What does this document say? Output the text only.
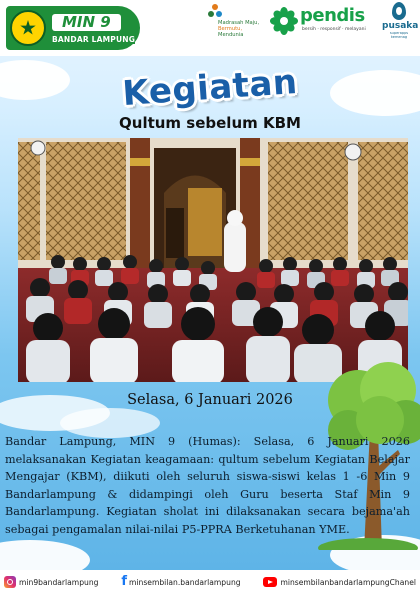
MIN 9
BANDAR LAMPUNG
Madrasah Maju,
Bermutu,
Mendunia
pendis
bersih · responsif · melayani pusaka
superapps kemenag
Kegiatan
Qultum sebelum KBM
Selasa, 6 Januari 2026

Bandar Lampung, MIN 9 (Humas): Selasa, 6 Januari 2026 melaksanakan Kegiatan keagamaan: qultum sebelum Kegiatan Belajar Mengajar (KBM), diikuti oleh seluruh siswa-siswi kelas 1 -6 Min 9 Bandarlampung & didampingi oleh Guru beserta Staf Min 9 Bandarlampung. Kegiatan sholat ini dilaksanakan secara bejama'ah sebagai pengamalan nilai-nilai P5-PPRA Berketuhanan YME.

min9bandarlampung f minsembilan.bandarlampung	minsembilanbandarlampungChanel
